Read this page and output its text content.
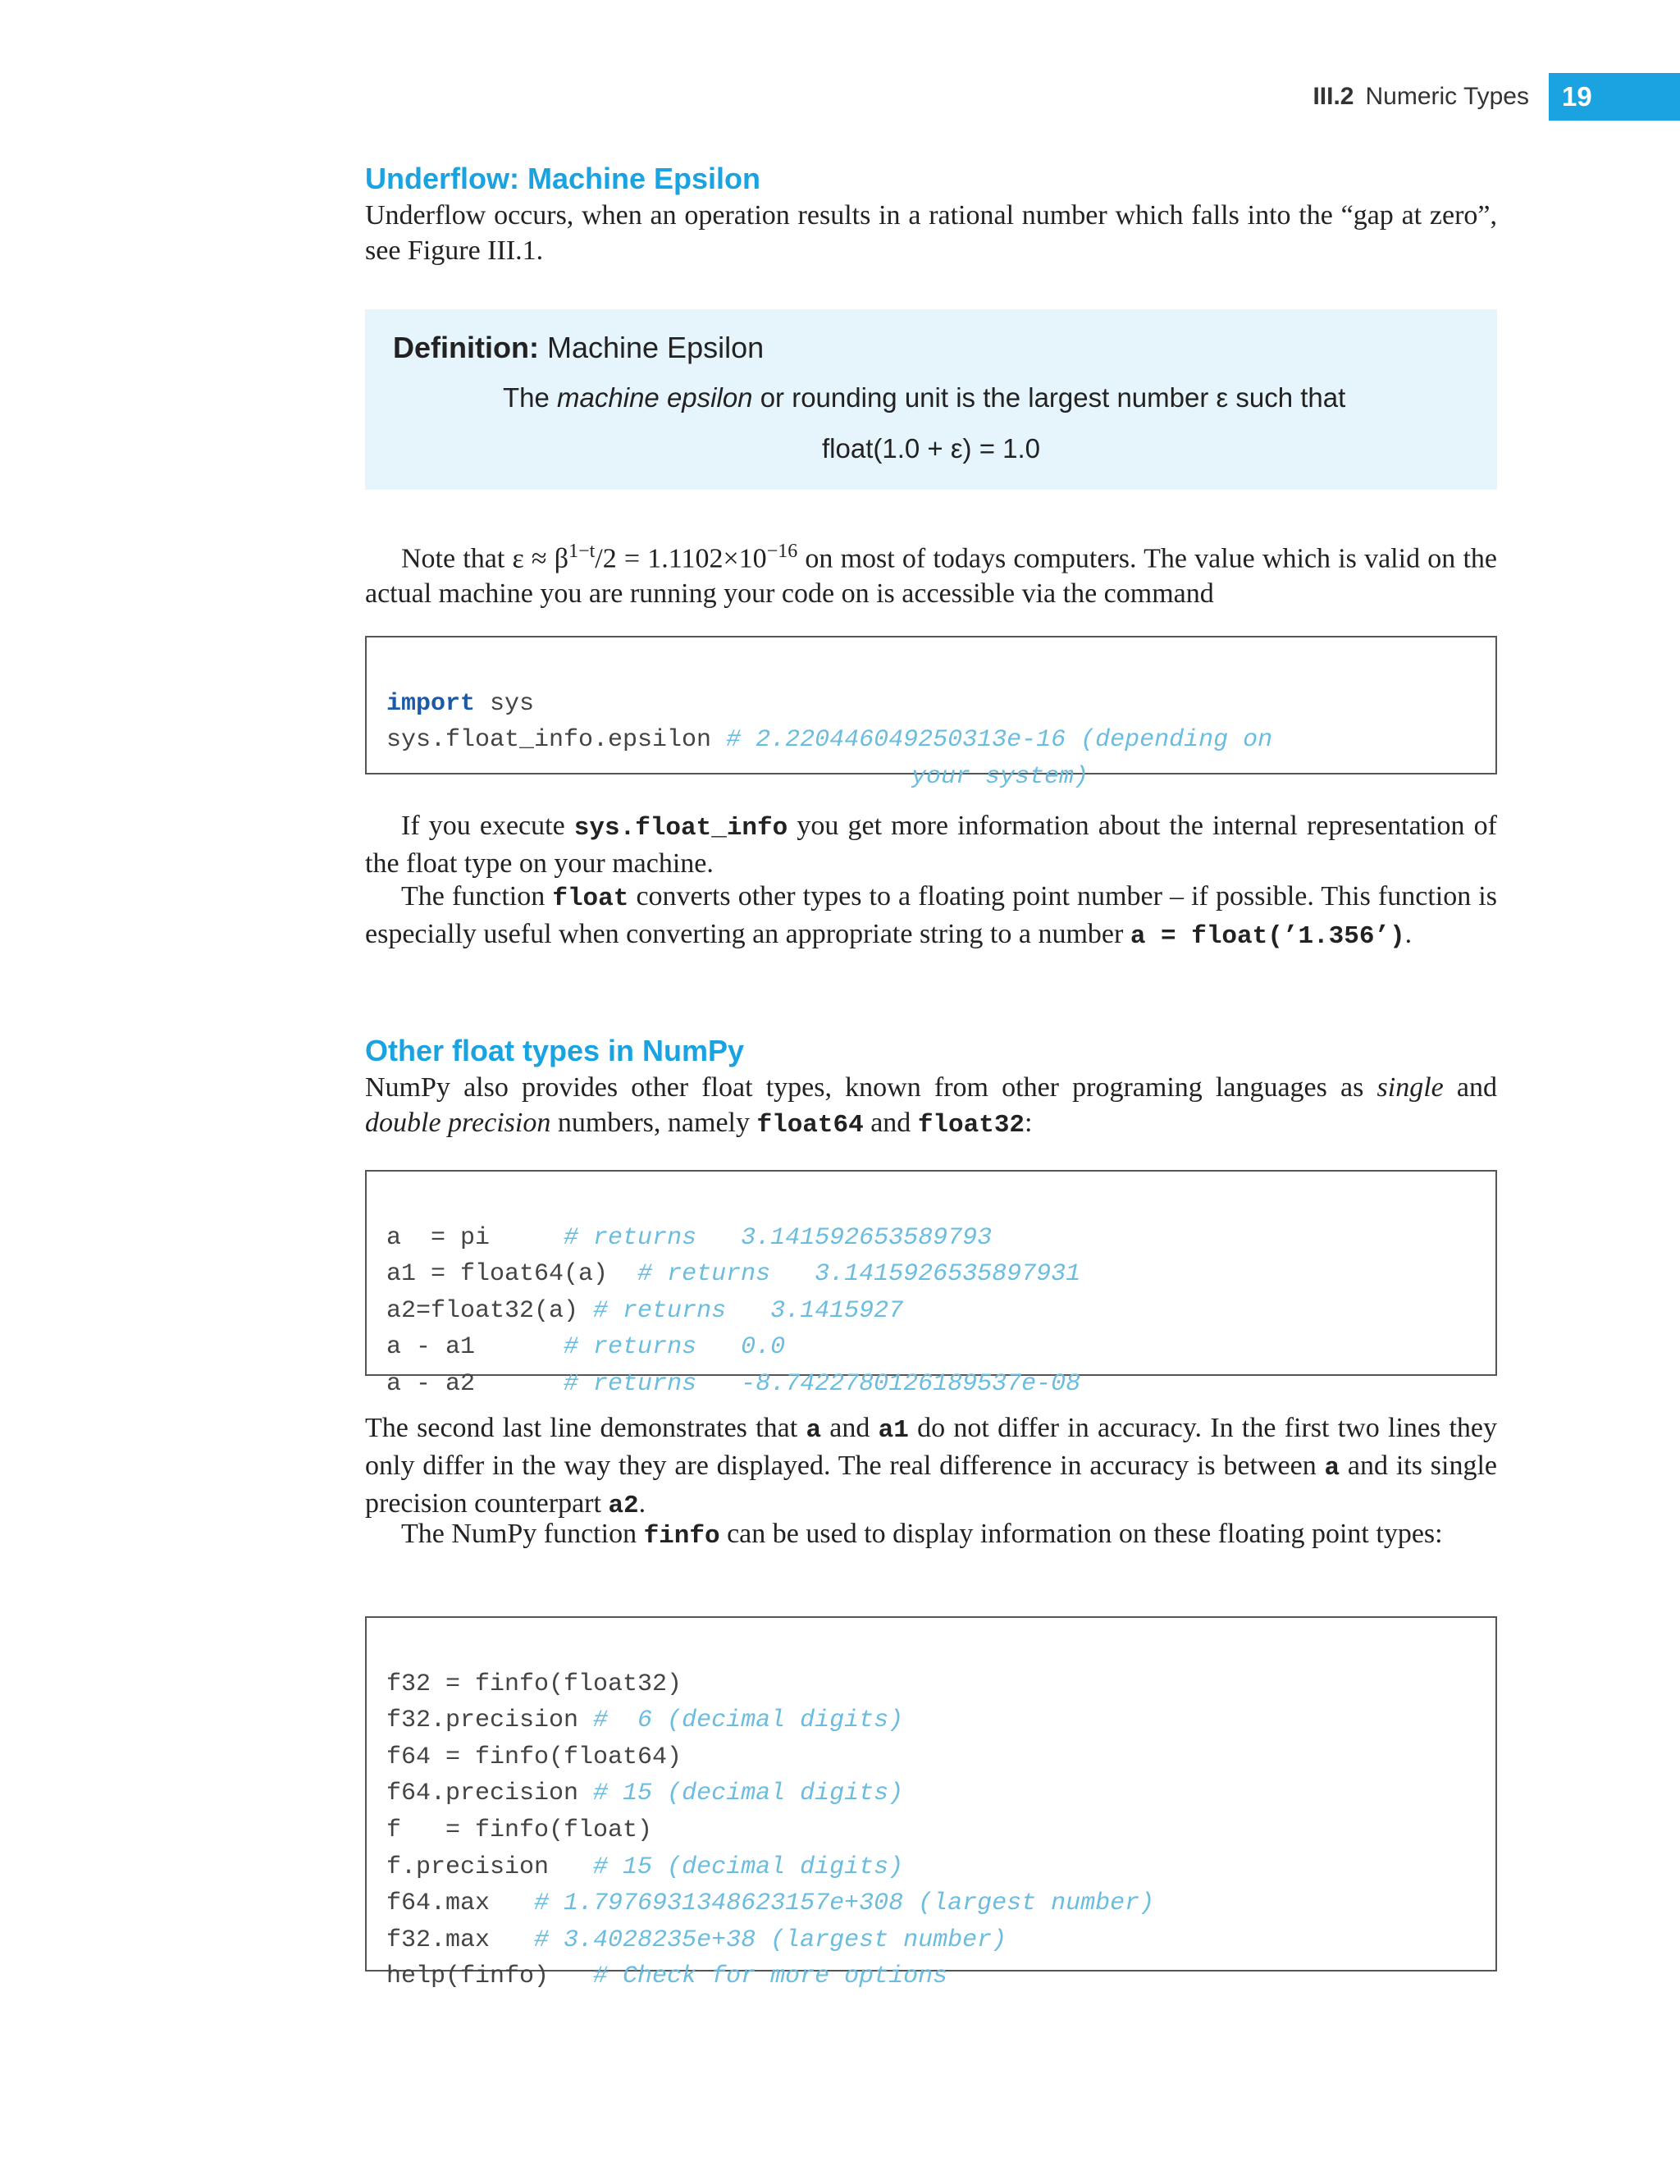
III.2 Numeric Types	19
Underflow: Machine Epsilon

Underflow occurs, when an operation results in a rational number which falls into the “gap at zero”, see Figure III.1.

Definition: Machine Epsilon
The machine epsilon or rounding unit is the largest number ε such that
float(1.0 + ε) = 1.0

Note that $\varepsilon \approx \beta^{1-t}/2 = 1.1102\times 10^{-16}$ on most of todays computers. The value which is valid on the actual machine you are running your code on is accessible via the command

import sys
sys.float_info.epsilon # 2.220446049250313e-16 (depending on
your system)

If you execute sys.float_info you get more information about the internal representation of the float type on your machine.

The function float converts other types to a floating point number – if possible. This function is especially useful when converting an appropriate string to a number a = float(’1.356’).

Other float types in NumPy

NumPy also provides other float types, known from other programing languages as single and double precision numbers, namely float64 and float32:

a  = pi     # returns   3.141592653589793
a1 = float64(a)  # returns   3.1415926535897931
a2=float32(a) # returns   3.1415927
a - a1      # returns   0.0
a - a2      # returns   -8.7422780126189537e-08

The second last line demonstrates that a and a1 do not differ in accuracy. In the first two lines they only differ in the way they are displayed. The real difference in accuracy is between a and its single precision counterpart a2.

The NumPy function finfo can be used to display information on these floating point types:

f32 = finfo(float32)
f32.precision #  6 (decimal digits)
f64 = finfo(float64)
f64.precision # 15 (decimal digits)
f   = finfo(float)
f.precision   # 15 (decimal digits)
f64.max   # 1.7976931348623157e+308 (largest number)
f32.max   # 3.4028235e+38 (largest number)
help(finfo)   # Check for more options
